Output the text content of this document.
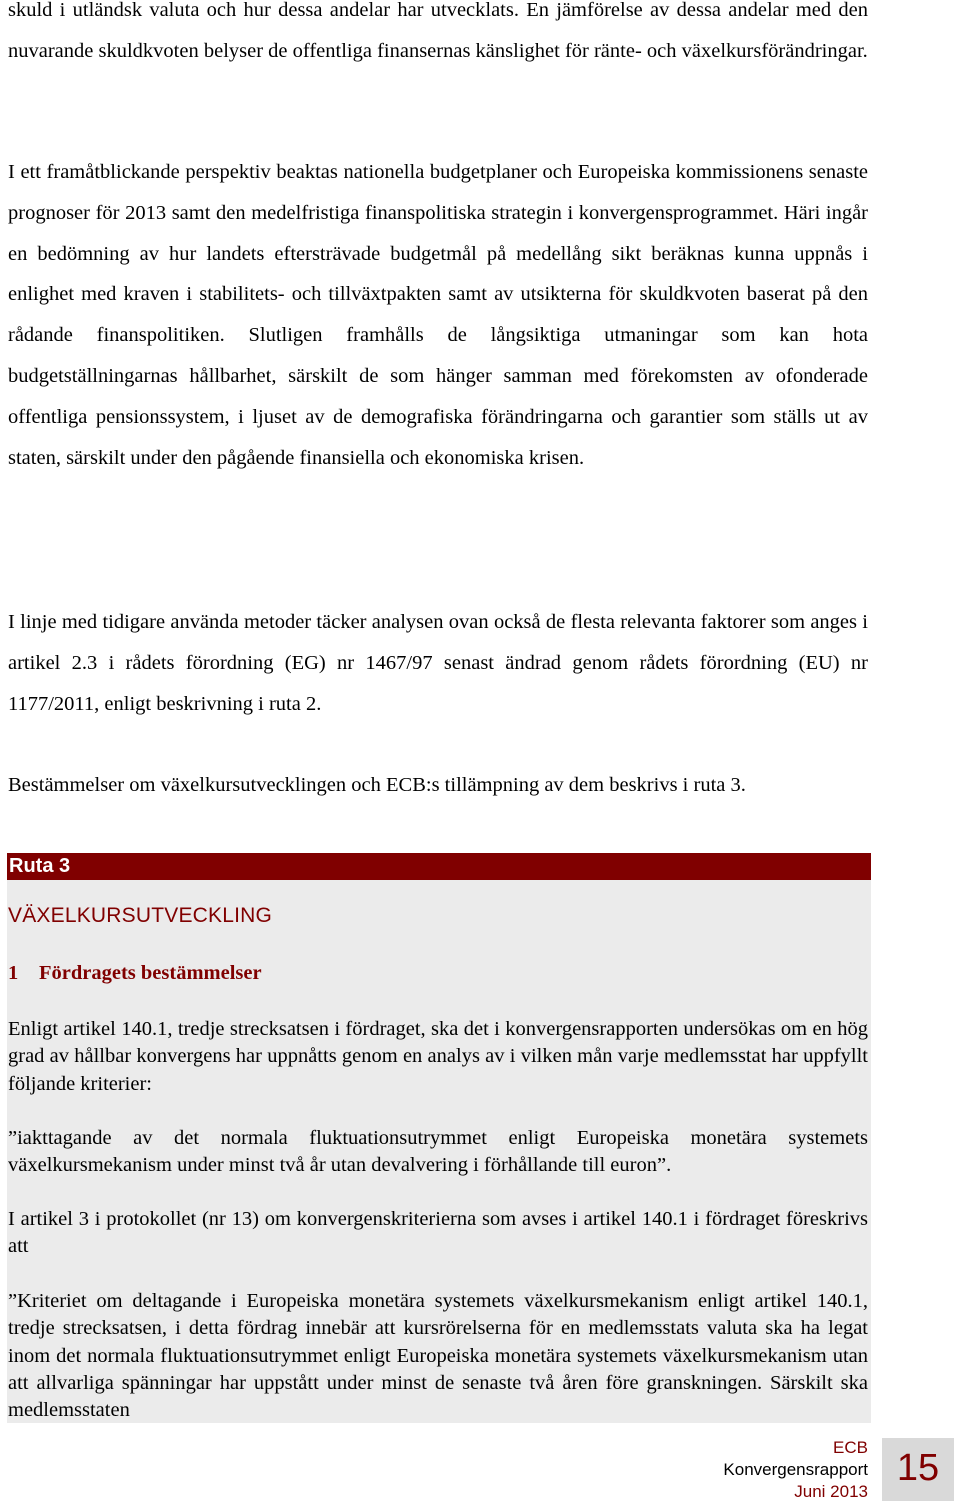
skuld i utländsk valuta och hur dessa andelar har utvecklats. En jämförelse av dessa andelar med den nuvarande skuldkvoten belyser de offentliga finansernas känslighet för ränte- och växelkursförändringar.

I ett framåtblickande perspektiv beaktas nationella budgetplaner och Europeiska kommissionens senaste prognoser för 2013 samt den medelfristiga finanspolitiska strategin i konvergensprogrammet. Häri ingår en bedömning av hur landets eftersträvade budgetmål på medellång sikt beräknas kunna uppnås i enlighet med kraven i stabilitets- och tillväxtpakten samt av utsikterna för skuldkvoten baserat på den rådande finanspolitiken. Slutligen framhålls de långsiktiga utmaningar som kan hota budgetställningarnas hållbarhet, särskilt de som hänger samman med förekomsten av ofonderade offentliga pensionssystem, i ljuset av de demografiska förändringarna och garantier som ställs ut av staten, särskilt under den pågående finansiella och ekonomiska krisen.

I linje med tidigare använda metoder täcker analysen ovan också de flesta relevanta faktorer som anges i artikel 2.3 i rådets förordning (EG) nr 1467/97 senast ändrad genom rådets förordning (EU) nr 1177/2011, enligt beskrivning i ruta 2.

Bestämmelser om växelkursutvecklingen och ECB:s tillämpning av dem beskrivs i ruta 3.

Ruta 3
VÄXELKURSUTVECKLING
1 Fördragets bestämmelser

Enligt artikel 140.1, tredje strecksatsen i fördraget, ska det i konvergensrapporten undersökas om en hög grad av hållbar konvergens har uppnåtts genom en analys av i vilken mån varje medlemsstat har uppfyllt följande kriterier:

”iakttagande av det normala fluktuationsutrymmet enligt Europeiska monetära systemets växelkursmekanism under minst två år utan devalvering i förhållande till euron”.

I artikel 3 i protokollet (nr 13) om konvergenskriterierna som avses i artikel 140.1 i fördraget föreskrivs att

”Kriteriet om deltagande i Europeiska monetära systemets växelkursmekanism enligt artikel 140.1, tredje strecksatsen, i detta fördrag innebär att kursrörelserna för en medlemsstats valuta ska ha legat inom det normala fluktuationsutrymmet enligt Europeiska monetära systemets växelkursmekanism utan att allvarliga spänningar har uppstått under minst de senaste två åren före granskningen. Särskilt ska medlemsstaten

ECB
Konvergensrapport
Juni 2013
15
